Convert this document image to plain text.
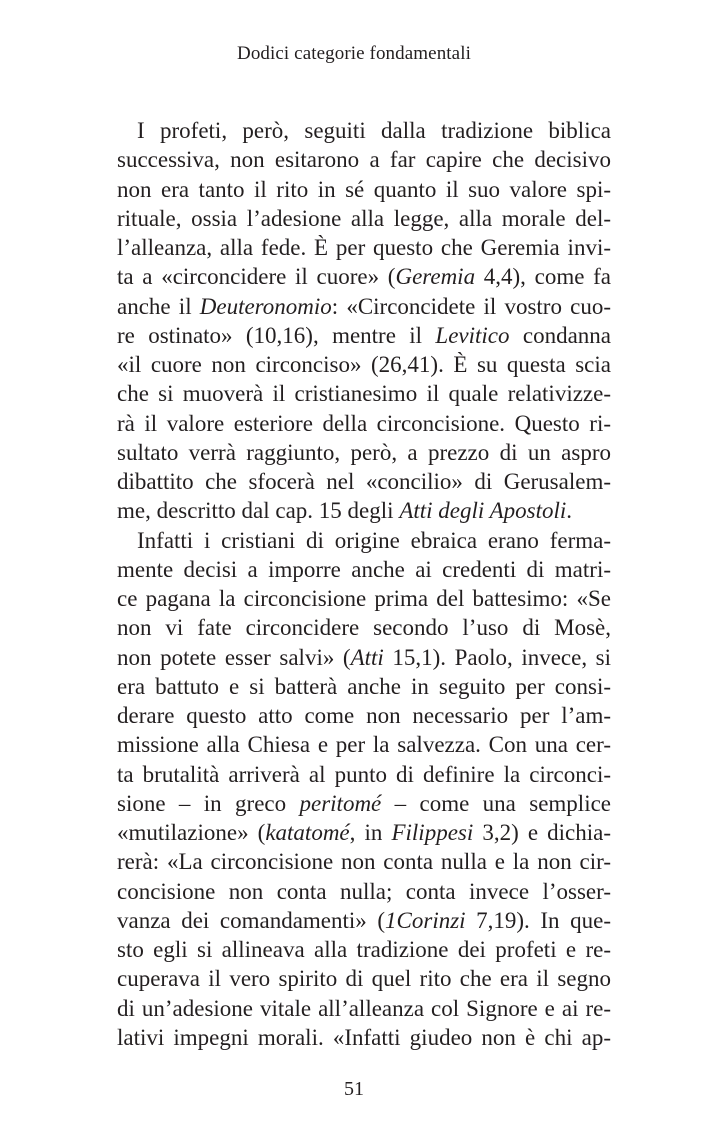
Dodici categorie fondamentali
I profeti, però, seguiti dalla tradizione biblica
successiva, non esitarono a far capire che decisivo
non era tanto il rito in sé quanto il suo valore spi-
rituale, ossia l’adesione alla legge, alla morale del-
l’alleanza, alla fede. È per questo che Geremia invi-
ta a «circoncidere il cuore» (Geremia 4,4), come fa
anche il Deuteronomio: «Circoncidete il vostro cuo-
re ostinato» (10,16), mentre il Levitico condanna
«il cuore non circonciso» (26,41). È su questa scia
che si muoverà il cristianesimo il quale relativizze-
rà il valore esteriore della circoncisione. Questo ri-
sultato verrà raggiunto, però, a prezzo di un aspro
dibattito che sfocerà nel «concilio» di Gerusalem-
me, descritto dal cap. 15 degli Atti degli Apostoli.
Infatti i cristiani di origine ebraica erano ferma-
mente decisi a imporre anche ai credenti di matri-
ce pagana la circoncisione prima del battesimo: «Se
non vi fate circoncidere secondo l’uso di Mosè,
non potete esser salvi» (Atti 15,1). Paolo, invece, si
era battuto e si batterà anche in seguito per consi-
derare questo atto come non necessario per l’am-
missione alla Chiesa e per la salvezza. Con una cer-
ta brutalità arriverà al punto di definire la circonci-
sione – in greco peritomé – come una semplice
«mutilazione» (katatomé, in Filippesi 3,2) e dichia-
rerà: «La circoncisione non conta nulla e la non cir-
concisione non conta nulla; conta invece l’osser-
vanza dei comandamenti» (1Corinzi 7,19). In que-
sto egli si allineava alla tradizione dei profeti e re-
cuperava il vero spirito di quel rito che era il segno
di un’adesione vitale all’alleanza col Signore e ai re-
lativi impegni morali. «Infatti giudeo non è chi ap-
51
